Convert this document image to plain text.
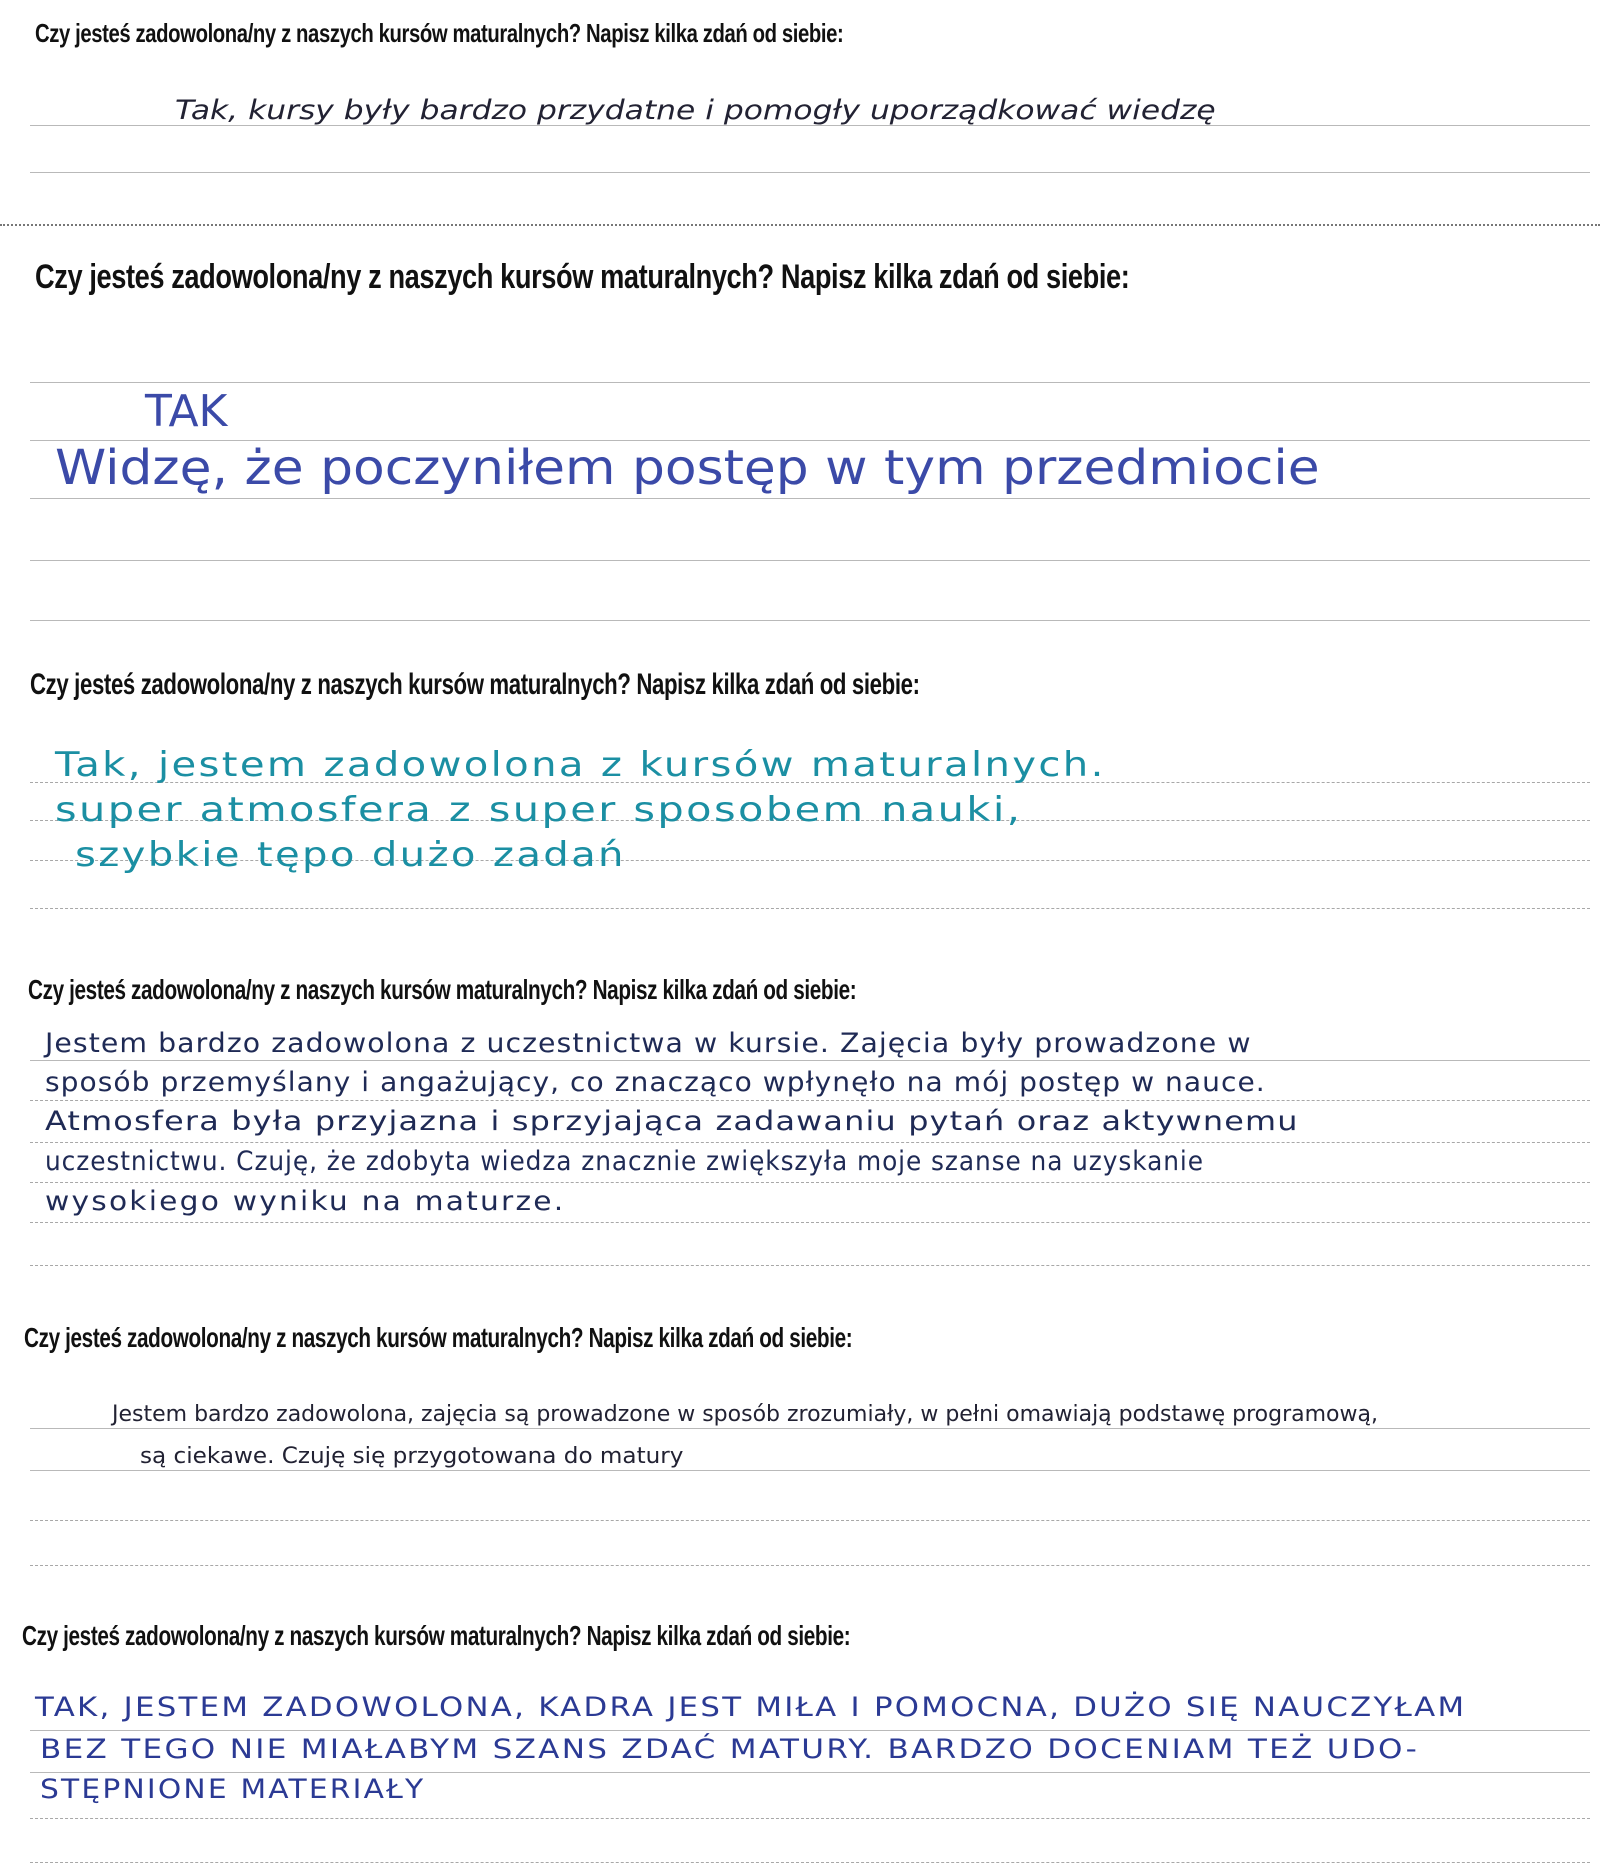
Czy jesteś zadowolona/ny z naszych kursów maturalnych? Napisz kilka zdań od siebie:

Tak, kursy były bardzo przydatne i pomogły uporządkować wiedzę

Czy jesteś zadowolona/ny z naszych kursów maturalnych? Napisz kilka zdań od siebie:

TAK

Widzę, że poczyniłem postęp w tym przedmiocie

Czy jesteś zadowolona/ny z naszych kursów maturalnych? Napisz kilka zdań od siebie:

Tak, jestem zadowolona z kursów maturalnych.

super atmosfera z super sposobem nauki,

szybkie tępo dużo zadań

Czy jesteś zadowolona/ny z naszych kursów maturalnych? Napisz kilka zdań od siebie:

Jestem bardzo zadowolona z uczestnictwa w kursie. Zajęcia były prowadzone w

sposób przemyślany i angażujący, co znacząco wpłynęło na mój postęp w nauce.

Atmosfera była przyjazna i sprzyjająca zadawaniu pytań oraz aktywnemu

uczestnictwu. Czuję, że zdobyta wiedza znacznie zwiększyła moje szanse na uzyskanie

wysokiego wyniku na maturze.

Czy jesteś zadowolona/ny z naszych kursów maturalnych? Napisz kilka zdań od siebie:

Jestem bardzo zadowolona, zajęcia są prowadzone w sposób zrozumiały, w pełni omawiają podstawę programową,

są ciekawe. Czuję się przygotowana do matury

Czy jesteś zadowolona/ny z naszych kursów maturalnych? Napisz kilka zdań od siebie:

TAK, JESTEM ZADOWOLONA, KADRA JEST MIŁA I POMOCNA, DUŻO SIĘ NAUCZYŁAM

BEZ TEGO NIE MIAŁABYM SZANS ZDAĆ MATURY. BARDZO DOCENIAM TEŻ UDO-

STĘPNIONE MATERIAŁY
